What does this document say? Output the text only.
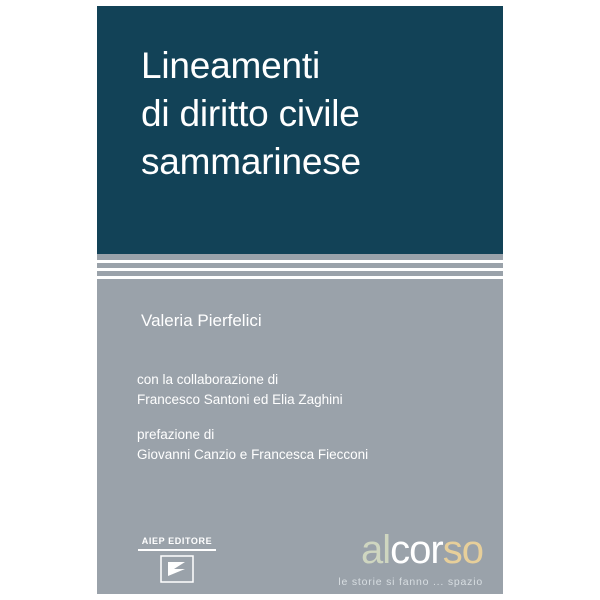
Lineamenti
di diritto civile
sammarinese
Valeria Pierfelici
con la collaborazione di
Francesco Santoni ed Elia Zaghini
prefazione di
Giovanni Canzio e Francesca Fiecconi
AIEP EDITORE	alcorso
le storie si fanno ... spazio
